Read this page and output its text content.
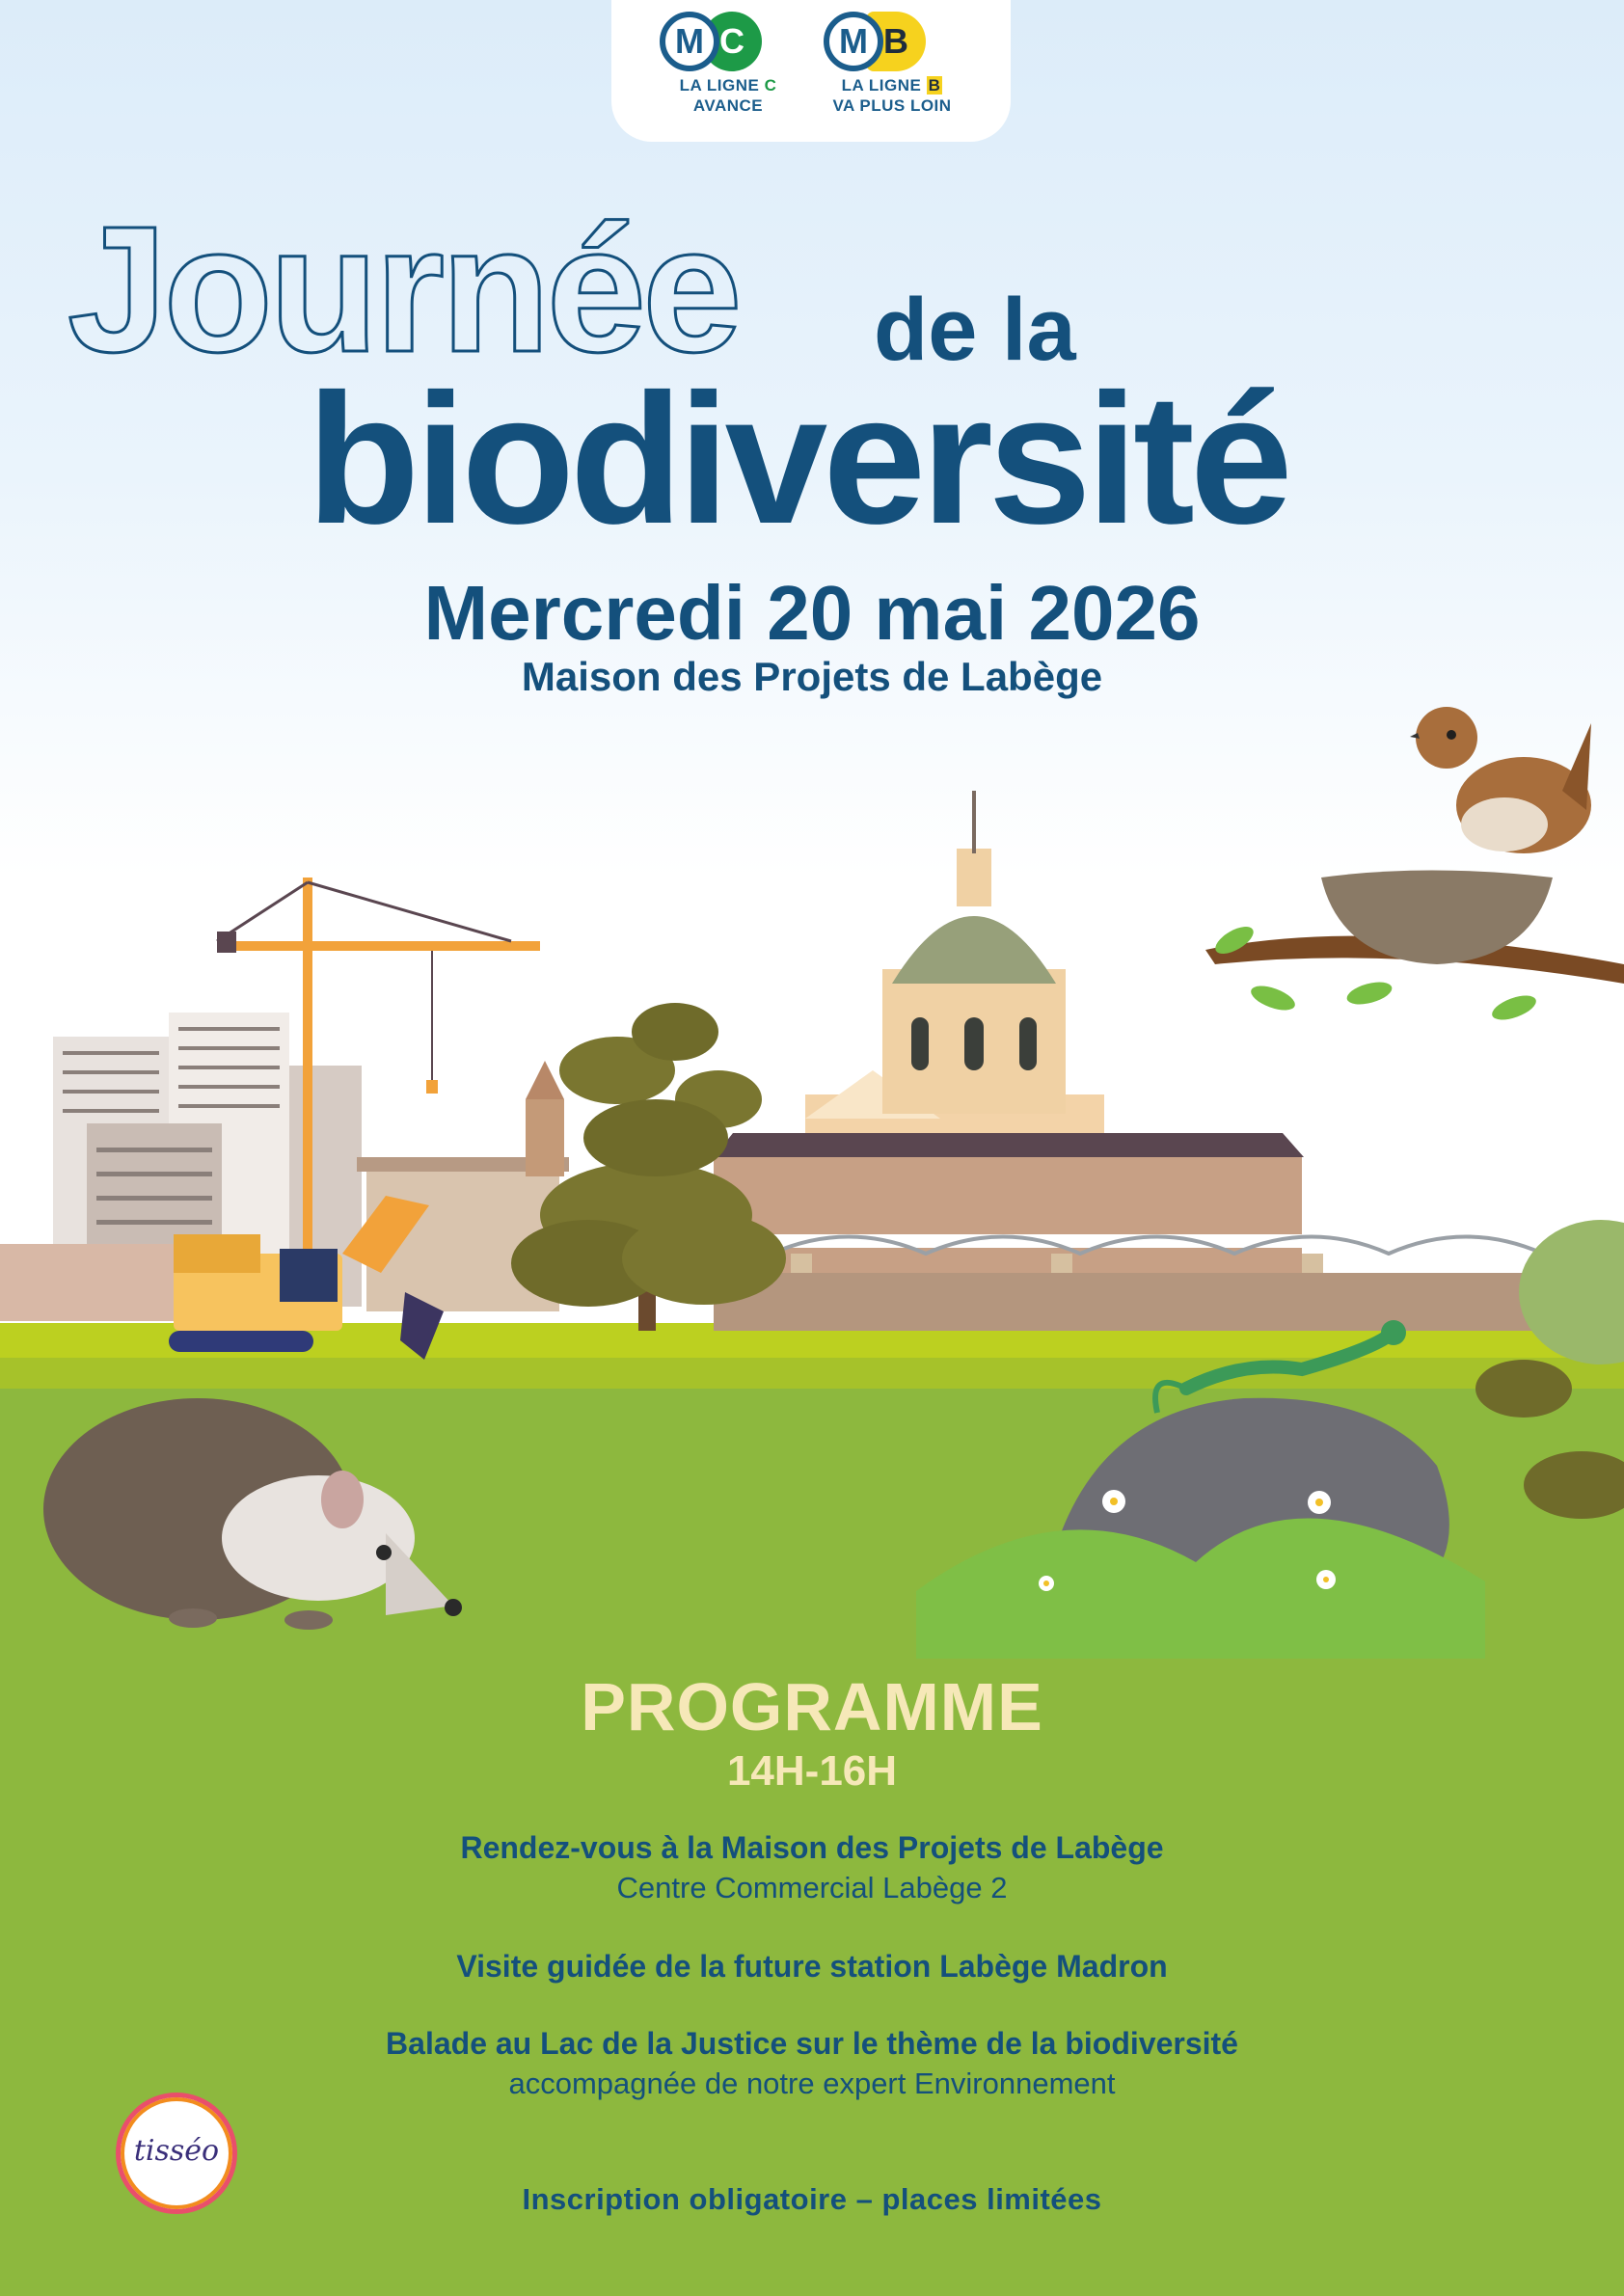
C
M
LA LIGNE C
AVANCE
B
M
LA LIGNE B
VA PLUS LOIN
Journée de la
biodiversité
Mercredi 20 mai 2026
Maison des Projets de Labège
PROGRAMME
14H-16H
Rendez-vous à la Maison des Projets de Labège
Centre Commercial Labège 2
Visite guidée de la future station Labège Madron
Balade au Lac de la Justice sur le thème de la biodiversité
accompagnée de notre expert Environnement
Inscription obligatoire – places limitées
tisséo
